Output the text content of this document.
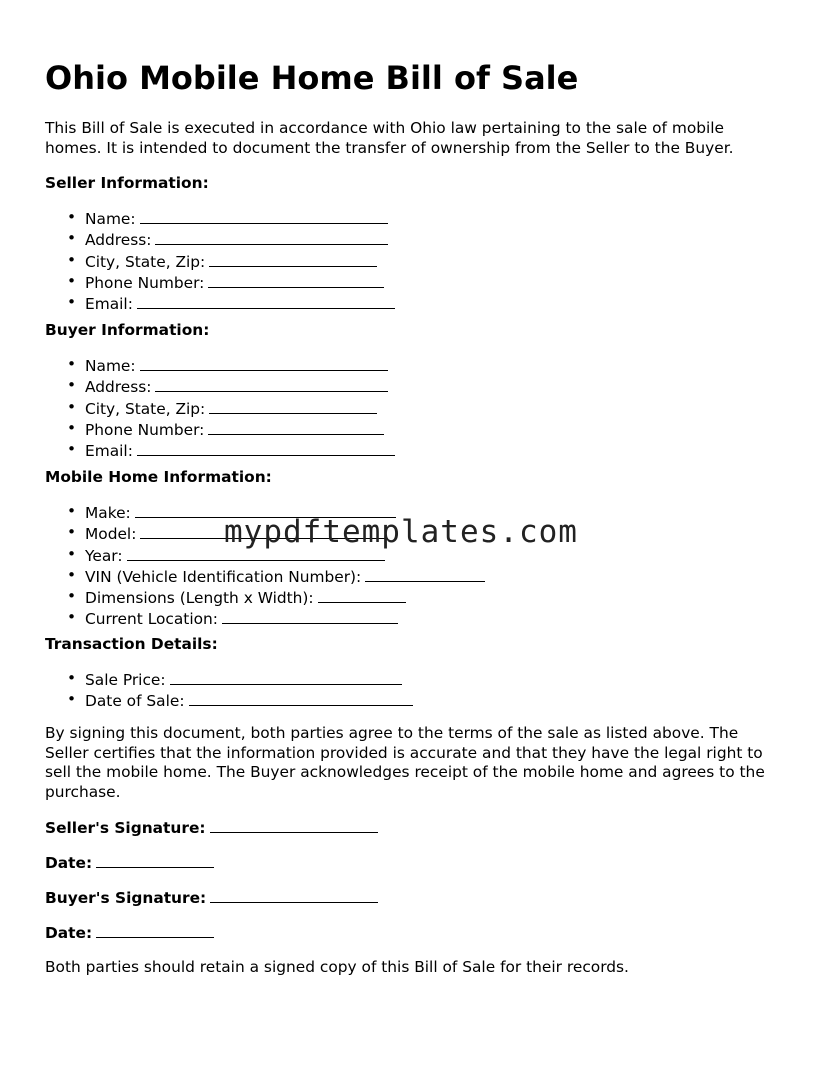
Ohio Mobile Home Bill of Sale

This Bill of Sale is executed in accordance with Ohio law pertaining to the sale of mobile homes. It is intended to document the transfer of ownership from the Seller to the Buyer.

Seller Information:

• Name:
• Address:
• City, State, Zip:
• Phone Number:
• Email:

Buyer Information:

• Name:
• Address:
• City, State, Zip:
• Phone Number:
• Email:

Mobile Home Information:

• Make:
• Model:
• Year:
• VIN (Vehicle Identification Number):
• Dimensions (Length x Width):
• Current Location:

Transaction Details:

• Sale Price:
• Date of Sale:

By signing this document, both parties agree to the terms of the sale as listed above. The Seller certifies that the information provided is accurate and that they have the legal right to sell the mobile home. The Buyer acknowledges receipt of the mobile home and agrees to the purchase.

Seller's Signature:

Date:

Buyer's Signature:

Date:

Both parties should retain a signed copy of this Bill of Sale for their records.

mypdftemplates.com
